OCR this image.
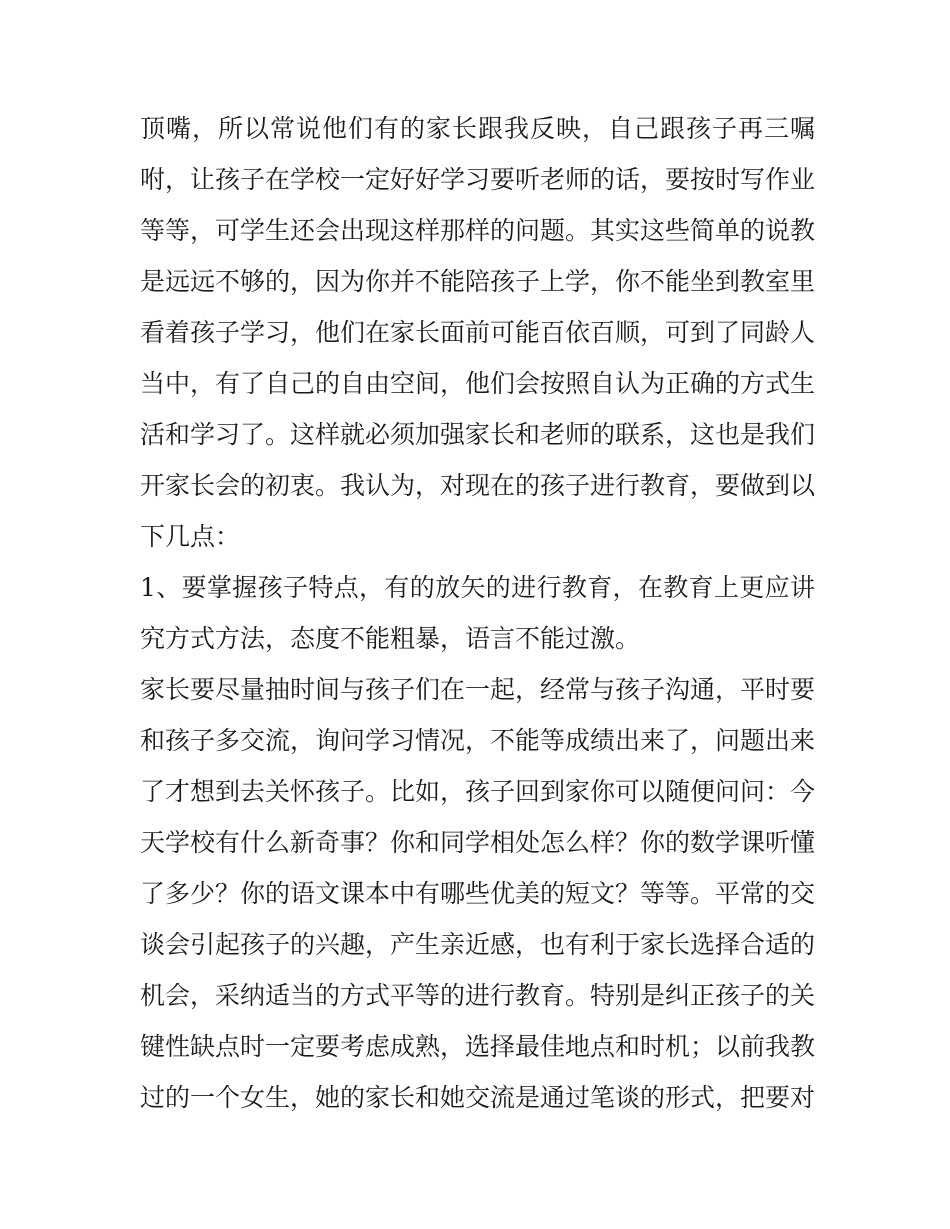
顶嘴，所以常说他们有的家长跟我反映，自己跟孩子再三嘱
咐，让孩子在学校一定好好学习要听老师的话，要按时写作业
等等，可学生还会出现这样那样的问题。其实这些简单的说教
是远远不够的，因为你并不能陪孩子上学，你不能坐到教室里
看着孩子学习，他们在家长面前可能百依百顺，可到了同龄人
当中，有了自己的自由空间，他们会按照自认为正确的方式生
活和学习了。这样就必须加强家长和老师的联系，这也是我们
开家长会的初衷。我认为，对现在的孩子进行教育，要做到以
下几点：
1、要掌握孩子特点，有的放矢的进行教育，在教育上更应讲
究方式方法，态度不能粗暴，语言不能过激。
家长要尽量抽时间与孩子们在一起，经常与孩子沟通，平时要
和孩子多交流，询问学习情况，不能等成绩出来了，问题出来
了才想到去关怀孩子。比如，孩子回到家你可以随便问问：今
天学校有什么新奇事？你和同学相处怎么样？你的数学课听懂
了多少？你的语文课本中有哪些优美的短文？等等。平常的交
谈会引起孩子的兴趣，产生亲近感，也有利于家长选择合适的
机会，采纳适当的方式平等的进行教育。特别是纠正孩子的关
键性缺点时一定要考虑成熟，选择最佳地点和时机；以前我教
过的一个女生，她的家长和她交流是通过笔谈的形式，把要对
